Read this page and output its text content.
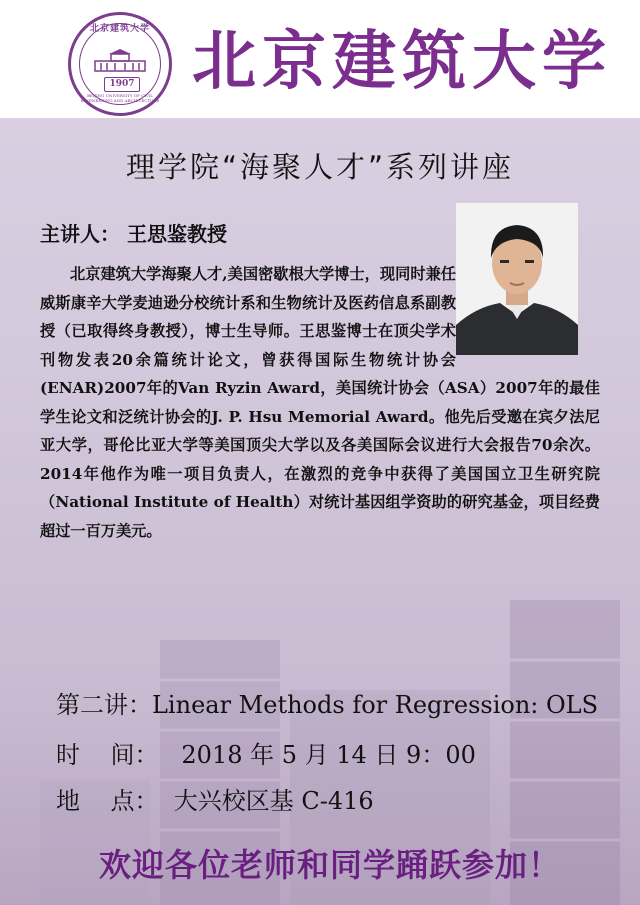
北京建筑大学
1907
BEIJING UNIVERSITY OF CIVIL ENGINEERING AND ARCHITECTURE
北京建筑大学
理学院“海聚人才”系列讲座
主讲人： 王思鉴教授
北京建筑大学海聚人才,美国密歇根大学博士，现同时兼任威斯康辛大学麦迪逊分校统计系和生物统计及医药信息系副教授（已取得终身教授），博士生导师。王思鉴博士在顶尖学术刊物发表20余篇统计论文，曾获得国际生物统计协会(ENAR)2007年的Van Ryzin Award，美国统计协会（ASA）2007年的最佳学生论文和泛统计协会的J. P. Hsu Memorial Award。他先后受邀在宾夕法尼亚大学，哥伦比亚大学等美国顶尖大学以及各美国际会议进行大会报告70余次。2014年他作为唯一项目负责人，在激烈的竞争中获得了美国国立卫生研究院（National Institute of Health）对统计基因组学资助的研究基金，项目经费超过一百万美元。
第二讲：Linear Methods for Regression: OLS
时    间：   2018 年 5 月 14 日 9：00
地    点：  大兴校区基 C-416
欢迎各位老师和同学踊跃参加！
